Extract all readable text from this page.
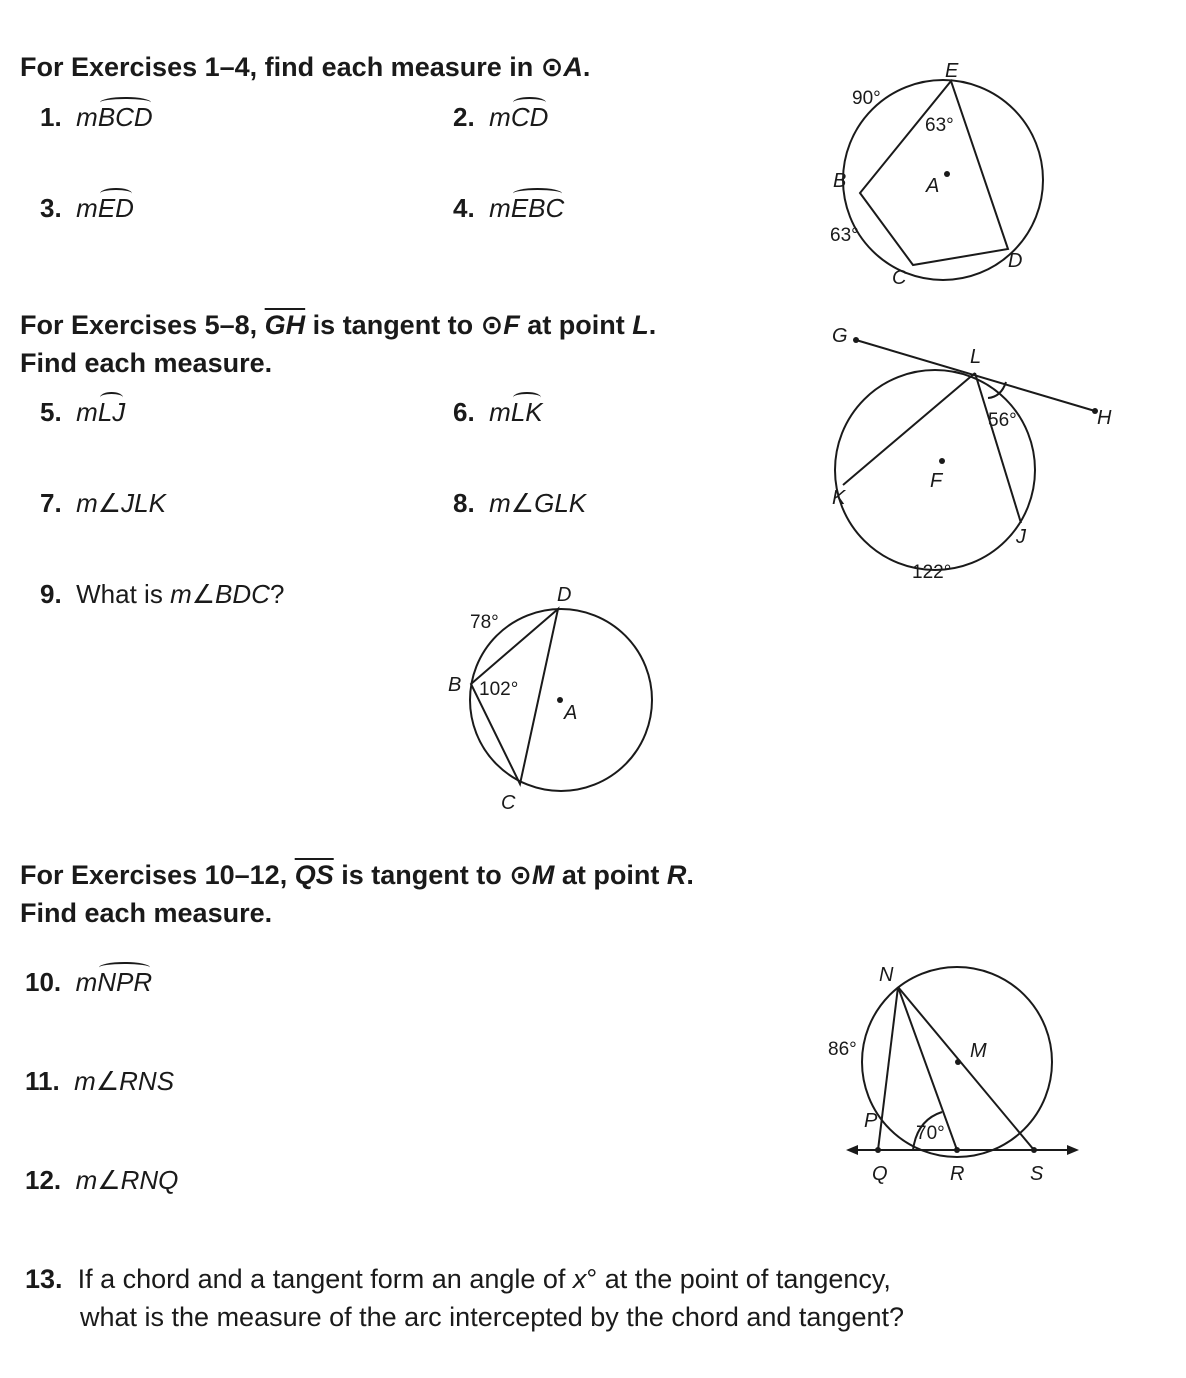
For Exercises 1–4, find each measure in ⊙A.
1. mBCD	2. mCD
3. mED	4. mEBC
For Exercises 5–8, $\overline{GH}$ is tangent to ⊙F at point L.
Find each measure.
5. mLJ	6. mLK
7. m∠JLK	8. m∠GLK
9. What is m∠BDC?
For Exercises 10–12, $\overline{QS}$ is tangent to ⊙M at point R.
Find each measure.
10. mNPR
11. m∠RNS
12. m∠RNQ
13. If a chord and a tangent form an angle of x° at the point of tangency,
what is the measure of the arc intercepted by the chord and tangent?
E
B	A
C
D
90°
63°
63°
G
L
H
F
K
J
56°
122°
D
B
A
C
78°
102°
N
M
P
Q	R	S
86°
70°
